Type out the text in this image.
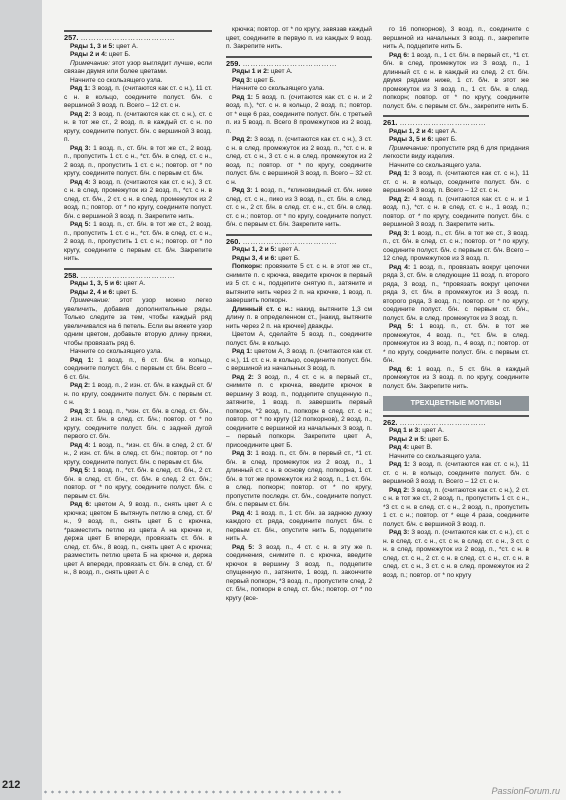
212	PassionForum.ru
257. ………………………………
Ряды 1, 3 и 5: цвет А.
Ряды 2 и 4: цвет Б.

Примечание: этот узор выглядит лучше, если связан двумя или более цветами.

Начните со скользящего узла.

Ряд 1: 3 возд. п. (считаются как ст. с н.), 11 ст. с н. в кольцо, соедините полуст. б/н. с вершиной 3 возд. п. Всего – 12 ст. с н.

Ряд 2: 3 возд. п. (считаются как ст. с н.), ст. с н. в тот же ст., 2 возд. п. в каждый ст. с н. по кругу, соедините полуст. б/н. с вершиной 3 возд. п.

Ряд 3: 1 возд. п., ст. б/н. в тот же ст., 2 возд. п., пропустить 1 ст. с н., *ст. б/н. в след. ст. с н., 2 возд. п., пропустить 1 ст. с н.; повтор. от * по кругу, соедините полуст. б/н. с первым ст. б/н.

Ряд 4: 3 возд. п. (считаются как ст. с н.), 3 ст. с н. в след. промежуток из 2 возд. п., *ст. с н. в след. ст. б/н., 2 ст. с н. в след. промежуток из 2 возд. п.; повтор. от * по кругу, соедините полуст. б/н. с вершиной 3 возд. п. Закрепите нить.

Ряд 5: 1 возд. п., ст. б/н. в тот же ст., 2 возд. п., пропустить 1 ст. с н., *ст. б/н. в след. ст. с н., 2 возд. п., пропустить 1 ст. с н.; повтор. от * по кругу, соедините с первым ст. б/н. Закрепите нить.

258. ………………………………
Ряды 1, 3, 5 и 6: цвет А.
Ряды 2, 4 и 6: цвет Б.

Примечание: этот узор можно легко увеличить, добавив дополнительные ряды. Только следите за тем, чтобы каждый ряд увеличивался на 6 петель. Если вы вяжете узор одним цветом, добавьте вторую длину пряжи, чтобы провязать ряд 6.

Начните со скользящего узла.

Ряд 1: 1 возд. п., 6 ст. б/н. в кольцо, соедините полуст. б/н. с первым ст. б/н. Всего – 6 ст. б/н.

Ряд 2: 1 возд. п., 2 изн. ст. б/н. в каждый ст. б/н. по кругу, соедините полуст. б/н. с первым ст. с н.

Ряд 3: 1 возд. п., *изн. ст. б/н. в след. ст. б/н., 2 изн. ст. б/н. в след. ст. б/н.; повтор. от * по кругу, соедините полуст. б/н. с задней дугой первого ст. б/н.

Ряд 4: 1 возд. п., *изн. ст. б/н. в след. 2 ст. б/н., 2 изн. ст. б/н. в след. ст. б/н.; повтор. от * по кругу, соедините полуст. б/н. с первым ст. б/н.

Ряд 5: 1 возд. п., *ст. б/н. в след. ст. б/н., 2 ст. б/н. в след. ст. б/н., ст. б/н. в след. 2 ст. б/н.; повтор. от * по кругу, соедините полуст. б/н. с первым ст. б/н.

Ряд 6: цветом А, 9 возд. п., снять цвет А с крючка; цветом Б вытянуть петлю в след. ст. б/н., 9 возд. п., снять цвет Б с крючка, *разместить петлю из цвета А на крючке и, держа цвет Б впереди, провязать ст. б/н. в след. ст. б/н., 8 возд. п., снять цвет А с крючка; разместить петлю цвета Б на крючке и, держа цвет А впереди, провязать ст. б/н. в след. ст. б/н., 8 возд. п., снять цвет А с

крючка; повтор. от * по кругу, завязав каждый цвет, соедините в первую п. из каждых 9 возд. п. Закрепите нить.

259. ………………………………
Ряды 1 и 2: цвет А.
Ряд 3: цвет Б.

Начните со скользящего узла.

Ряд 1: 5 возд. п. (считаются как ст. с н. и 2 возд. п.), *ст. с н. в кольцо, 2 возд. п.; повтор. от * еще 6 раз, соедините полуст. б/н. с третьей п. из 5 возд. п. Всего 8 промежутков из 2 возд. п.

Ряд 2: 3 возд. п. (считаются как ст. с н.), 3 ст. с н. в след. промежуток из 2 возд. п., *ст. с н. в след. ст. с н., 3 ст. с н. в след. промежуток из 2 возд. п.; повтор. от * по кругу, соедините полуст. б/н. с вершиной 3 возд. п. Всего – 32 ст. с н.

Ряд 3: 1 возд. п., *клиновидный ст. б/н. ниже след. ст. с н., пико из 3 возд. п., ст. б/н. в след. ст. с н., 2 ст. б/н. в след. ст. с н., ст. б/н. в след. ст. с н.; повтор. от * по кругу, соедините полуст. б/н. с первым ст. б/н. Закрепите нить.

260. ………………………………
Ряды 1, 2 и 5: цвет А.
Ряды 3, 4 и 6: цвет Б.

Попкорн: провяжите 5 ст. с н. в этот же ст., снимите п. с крючка, введите крючок в первый из 5 ст. с н., подцепите снятую п., затяните и вытяните нить через 2 п. на крючке, 1 возд. п. завершить попкорн.

Длинный ст. с н.: накид, вытяните 1,3 см длину п. в определенном ст., [накид, вытяните нить через 2 п. на крючке] дважды.

Цветом А, сделайте 5 возд. п., соедините полуст. б/н. в кольцо.

Ряд 1: цветом А, 3 возд. п. (считаются как ст. с н.), 11 ст. с н. в кольцо, соедините полуст. б/н. с вершиной из начальных 3 возд. п.

Ряд 2: 3 возд. п., 4 ст. с н. в первый ст., снимите п. с крючка, введите крючок в вершину 3 возд. п., подцепите спущенную п., затяните, 1 возд. п. завершить первый попкорн, *2 возд. п., попкорн в след. ст. с н.; повтор. от * по кругу (12 попкорнов), 2 возд. п., соедините с вершиной из начальных 3 возд. п. – первый попкорн. Закрепите цвет А, присоедините цвет Б.

Ряд 3: 1 возд. п., ст. б/н. в первый ст., *1 ст. б/н. в след. промежуток из 2 возд. п., 1 длинный ст. с н. в основу след. попкорна, 1 ст. б/н. в тот же промежуток из 2 возд. п., 1 ст. б/н. в след. попкорн; повтор. от * по кругу, пропустите последн. ст. б/н., соедините полуст. б/н. с первым ст. б/н.

Ряд 4: 1 возд. п., 1 ст. б/н. за заднюю дужку каждого ст. ряда, соедините полуст. б/н. с первым ст. б/н., опустите нить Б, подцепите нить А.

Ряд 5: 3 возд. п., 4 ст. с н. в эту же п. соединения, снимите п. с крючка, введите крючок в вершину 3 возд. п., подцепите спущенную п., затяните, 1 возд. п. закончите первый попкорн, *3 возд. п., пропустите след. 2 ст. б/н., попкорн в след. ст. б/н.; повтор. от * по кругу (все-

го 16 попкорнов), 3 возд. п., соедините с вершиной из начальных 3 возд. п., закрепите нить А, подцепите нить Б.

Ряд 6: 1 возд. п., 1 ст. б/н. в первый ст., *1 ст. б/н. в след. промежуток из 3 возд. п., 1 длинный ст. с н. в каждый из след. 2 ст. б/н. двумя рядами ниже, 1 ст. б/н. в этот же промежуток из 3 возд. п., 1 ст. б/н. в след. попкорн; повтор. от * по кругу, соедините полуст. б/н. с первым ст. б/н., закрепите нить Б.

261. ……………………………
Ряды 1, 2 и 4: цвет А.
Ряды 3, 5 и 6: цвет Б.

Примечание: пропустите ряд 6 для придания легкости виду изделия.

Начните со скользящего узла.

Ряд 1: 3 возд. п. (считаются как ст. с н.), 11 ст. с н. в кольцо, соедините полуст. б/н. с вершиной 3 возд. п. Всего – 12 ст. с н.

Ряд 2: 4 возд. п. (считаются как ст. с н. и 1 возд. п.), *ст. с н. в след. ст. с н., 1 возд. п.; повтор. от * по кругу, соедините полуст. б/н. с вершиной 3 возд. п. Закрепите нить.

Ряд 3: 1 возд. п., ст. б/н. в тот же ст., 3 возд. п., ст. б/н. в след. ст. с н.; повтор. от * по кругу, соедините полуст. б/н. с первым ст. б/н. Всего – 12 след. промежутков из 3 возд. п.

Ряд 4: 1 возд. п., провязать вокруг цепочки ряда 3, ст. б/н. в следующие 11 возд. п. второго ряда, 3 возд. п., *провязать вокруг цепочки ряда 3, ст. б/н. в промежуток из 3 возд. п. второго ряда, 3 возд. п.; повтор. от * по кругу, соедините полуст. б/н. с первым ст. б/н., полуст. б/н. в след. промежуток из 3 возд. п.

Ряд 5: 1 возд. п., ст. б/н. в тот же промежуток, 4 возд. п., *ст. б/н. в след. промежуток из 3 возд. п., 4 возд. п.; повтор. от * по кругу, соедините полуст. б/н. с первым ст. б/н.

Ряд 6: 1 возд. п., 5 ст. б/н. в каждый промежуток из 3 возд. п. по кругу, соедините полуст. б/н. Закрепите нить.

ТРЕХЦВЕТНЫЕ МОТИВЫ
262. ……………………………
Ряд 1 и 3: цвет А.
Ряды 2 и 5: цвет Б.
Ряд 4: цвет В.

Начните со скользящего узла.

Ряд 1: 3 возд. п. (считаются как ст. с н.), 11 ст. с н. в кольцо, соедините полуст. б/н. с вершиной 3 возд. п. Всего – 12 ст. с н.

Ряд 2: 3 возд. п. (считаются как ст. с н.), 2 ст. с н. в тот же ст., 2 возд. п., пропустить 1 ст. с н., *3 ст. с н. в след. ст. с н., 2 возд. п., пропустить 1 ст. с н.; повтор. от * еще 4 раза, соедините полуст. б/н. с вершиной 3 возд. п.

Ряд 3: 3 возд. п. (считаются как ст. с н.), ст. с н. в след. ст. с н., ст. с н. в след. ст. с н., 3 ст. с н. в след. промежуток из 2 возд. п., *ст. с н. в след. ст. с н., 2 ст. с н. в след. ст. с н., ст. с н. в след. ст. с н., 3 ст. с н. в след. промежуток из 2 возд. п.; повтор. от * по кругу
